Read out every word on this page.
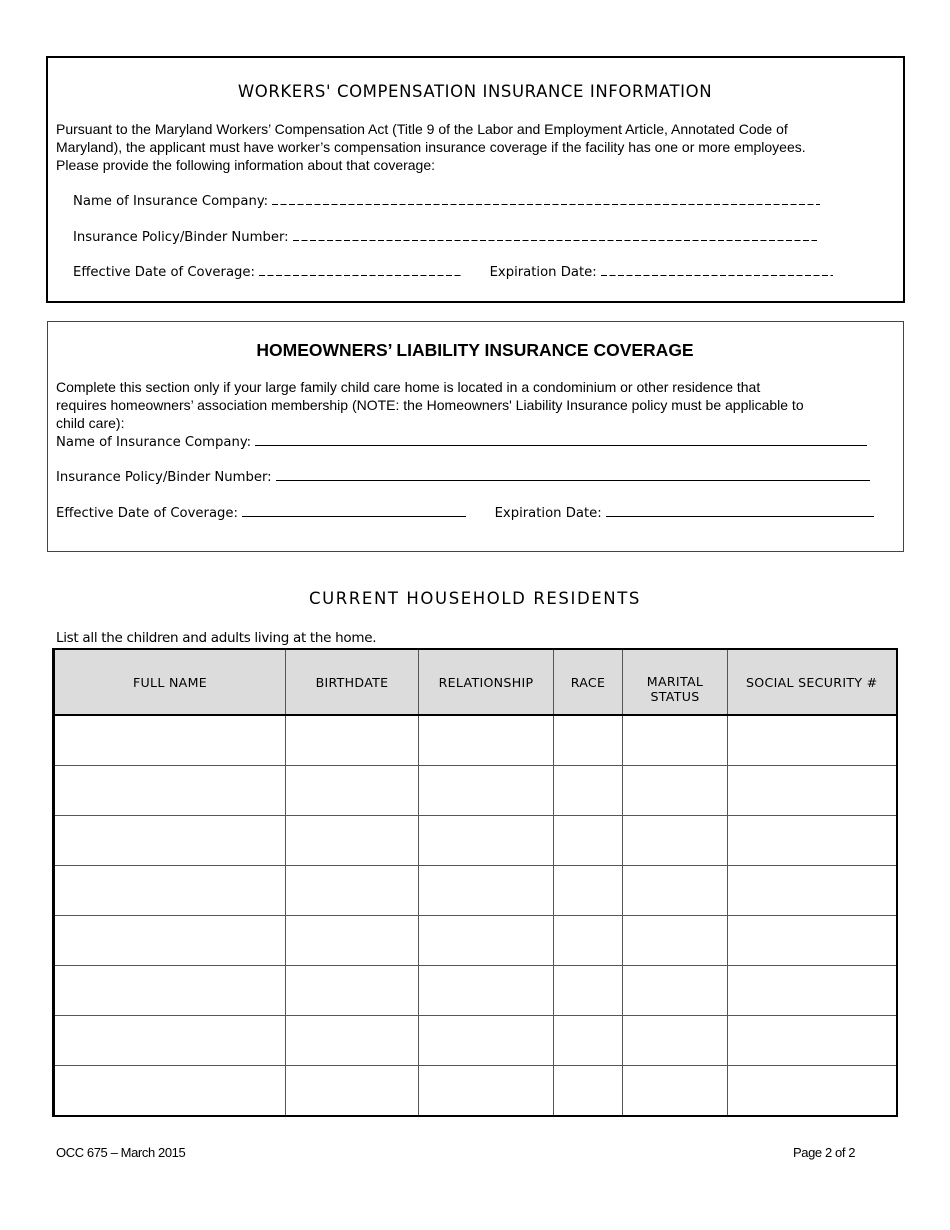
WORKERS' COMPENSATION INSURANCE INFORMATION
Pursuant to the Maryland Workers’ Compensation Act (Title 9 of the Labor and Employment Article, Annotated Code of
Maryland), the applicant must have worker’s compensation insurance coverage if the facility has one or more employees.
Please provide the following information about that coverage:
Name of Insurance Company:
Insurance Policy/Binder Number:
Effective Date of Coverage:	Expiration Date:
HOMEOWNERS’ LIABILITY INSURANCE COVERAGE
Complete this section only if your large family child care home is located in a condominium or other residence that
requires homeowners’ association membership (NOTE: the Homeowners' Liability Insurance policy must be applicable to
child care):
Name of Insurance Company:
Insurance Policy/Binder Number:
Effective Date of Coverage:	Expiration Date:
CURRENT HOUSEHOLD RESIDENTS
List all the children and adults living at the home.
FULL NAME	BIRTHDATE	RELATIONSHIP	RACE	MARITAL
STATUS	SOCIAL SECURITY #

OCC 675 – March 2015	Page 2 of 2
